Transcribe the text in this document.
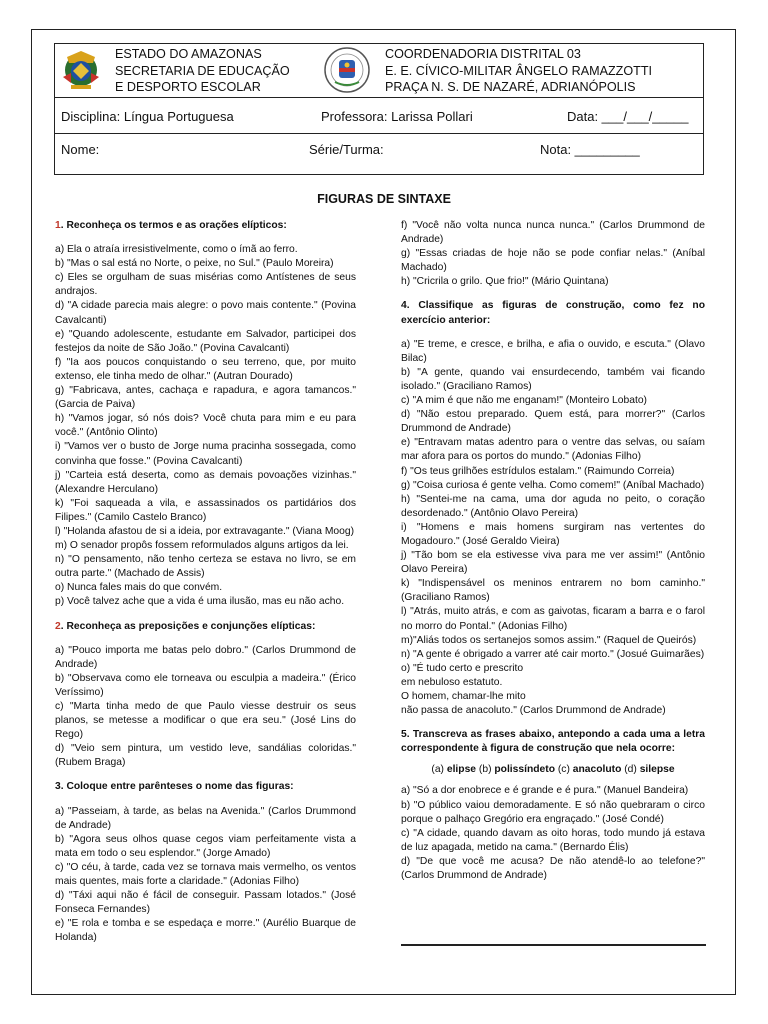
ESTADO DO AMAZONAS
SECRETARIA DE EDUCAÇÃO
E DESPORTO ESCOLAR
COORDENADORIA DISTRITAL 03
E. E. CÍVICO-MILITAR ÂNGELO RAMAZZOTTI
PRAÇA N. S. DE NAZARÉ, ADRIANÓPOLIS
Disciplina: Língua Portuguesa	Professora: Larissa Pollari	Data: ___/___/_____
Nome:	Série/Turma:	Nota: _________
FIGURAS DE SINTAXE

1. Reconheça os termos e as orações elípticos:

a) Ela o atraía irresistivelmente, como o ímã ao ferro.

b) "Mas o sal está no Norte, o peixe, no Sul." (Paulo Moreira)

c) Eles se orgulham de suas misérias como Antístenes de seus andrajos.

d) "A cidade parecia mais alegre: o povo mais contente." (Povina Cavalcanti)

e) "Quando adolescente, estudante em Salvador, participei dos festejos da noite de São João." (Povina Cavalcanti)

f) "Ia aos poucos conquistando o seu terreno, que, por muito extenso, ele tinha medo de olhar." (Autran Dourado)

g) "Fabricava, antes, cachaça e rapadura, e agora tamancos." (Garcia de Paiva)

h) "Vamos jogar, só nós dois? Você chuta para mim e eu para você." (Antônio Olinto)

i) "Vamos ver o busto de Jorge numa pracinha sossegada, como convinha que fosse." (Povina Cavalcanti)

j) "Carteia está deserta, como as demais povoações vizinhas." (Alexandre Herculano)

k) "Foi saqueada a vila, e assassinados os partidários dos Filipes." (Camilo Castelo Branco)

l) "Holanda afastou de si a ideia, por extravagante." (Viana Moog)

m) O senador propôs fossem reformulados alguns artigos da lei.

n) "O pensamento, não tenho certeza se estava no livro, se em outra parte." (Machado de Assis)

o) Nunca fales mais do que convém.

p) Você talvez ache que a vida é uma ilusão, mas eu não acho.

2. Reconheça as preposições e conjunções elípticas:

a) "Pouco importa me batas pelo dobro." (Carlos Drummond de Andrade)

b) "Observava como ele torneava ou esculpia a madeira." (Érico Veríssimo)

c) "Marta tinha medo de que Paulo viesse destruir os seus planos, se metesse a modificar o que era seu." (José Lins do Rego)

d) "Veio sem pintura, um vestido leve, sandálias coloridas." (Rubem Braga)

3. Coloque entre parênteses o nome das figuras:

a) "Passeiam, à tarde, as belas na Avenida." (Carlos Drummond de Andrade)

b) "Agora seus olhos quase cegos viam perfeitamente vista a mata em todo o seu esplendor." (Jorge Amado)

c) "O céu, à tarde, cada vez se tornava mais vermelho, os ventos mais quentes, mais forte a claridade." (Adonias Filho)

d) "Táxi aqui não é fácil de conseguir. Passam lotados." (José Fonseca Fernandes)

e) "E rola e tomba e se espedaça e morre." (Aurélio Buarque de Holanda)

f) "Você não volta nunca nunca nunca." (Carlos Drummond de Andrade)

g) "Essas criadas de hoje não se pode confiar nelas." (Aníbal Machado)

h) "Cricrila o grilo. Que frio!" (Mário Quintana)

4. Classifique as figuras de construção, como fez no exercício anterior:

a) "E treme, e cresce, e brilha, e afia o ouvido, e escuta." (Olavo Bilac)

b) "A gente, quando vai ensurdecendo, também vai ficando isolado." (Graciliano Ramos)

c) "A mim é que não me enganam!" (Monteiro Lobato)

d) "Não estou preparado. Quem está, para morrer?" (Carlos Drummond de Andrade)

e) "Entravam matas adentro para o ventre das selvas, ou saíam mar afora para os portos do mundo." (Adonias Filho)

f) "Os teus grilhões estrídulos estalam." (Raimundo Correia)

g) "Coisa curiosa é gente velha. Como comem!" (Aníbal Machado)

h) "Sentei-me na cama, uma dor aguda no peito, o coração desordenado." (Antônio Olavo Pereira)

i) "Homens e mais homens surgiram nas vertentes do Mogadouro." (José Geraldo Vieira)

j) "Tão bom se ela estivesse viva para me ver assim!" (Antônio Olavo Pereira)

k) "Indispensável os meninos entrarem no bom caminho." (Graciliano Ramos)

l) "Atrás, muito atrás, e com as gaivotas, ficaram a barra e o farol no morro do Pontal." (Adonias Filho)

m)"Aliás todos os sertanejos somos assim." (Raquel de Queirós)

n) "A gente é obrigado a varrer até cair morto." (Josué Guimarães)

o) "É tudo certo e prescrito

em nebuloso estatuto.

O homem, chamar-lhe mito

não passa de anacoluto." (Carlos Drummond de Andrade)

5. Transcreva as frases abaixo, antepondo a cada uma a letra correspondente à figura de construção que nela ocorre:

(a) elipse (b) polissíndeto (c) anacoluto (d) silepse

a) "Só a dor enobrece e é grande e é pura." (Manuel Bandeira)

b) "O público vaiou demoradamente. E só não quebraram o circo porque o palhaço Gregório era engraçado." (José Condé)

c) "A cidade, quando davam as oito horas, todo mundo já estava de luz apagada, metido na cama." (Bernardo Élis)

d) "De que você me acusa? De não atendê-lo ao telefone?" (Carlos Drummond de Andrade)
